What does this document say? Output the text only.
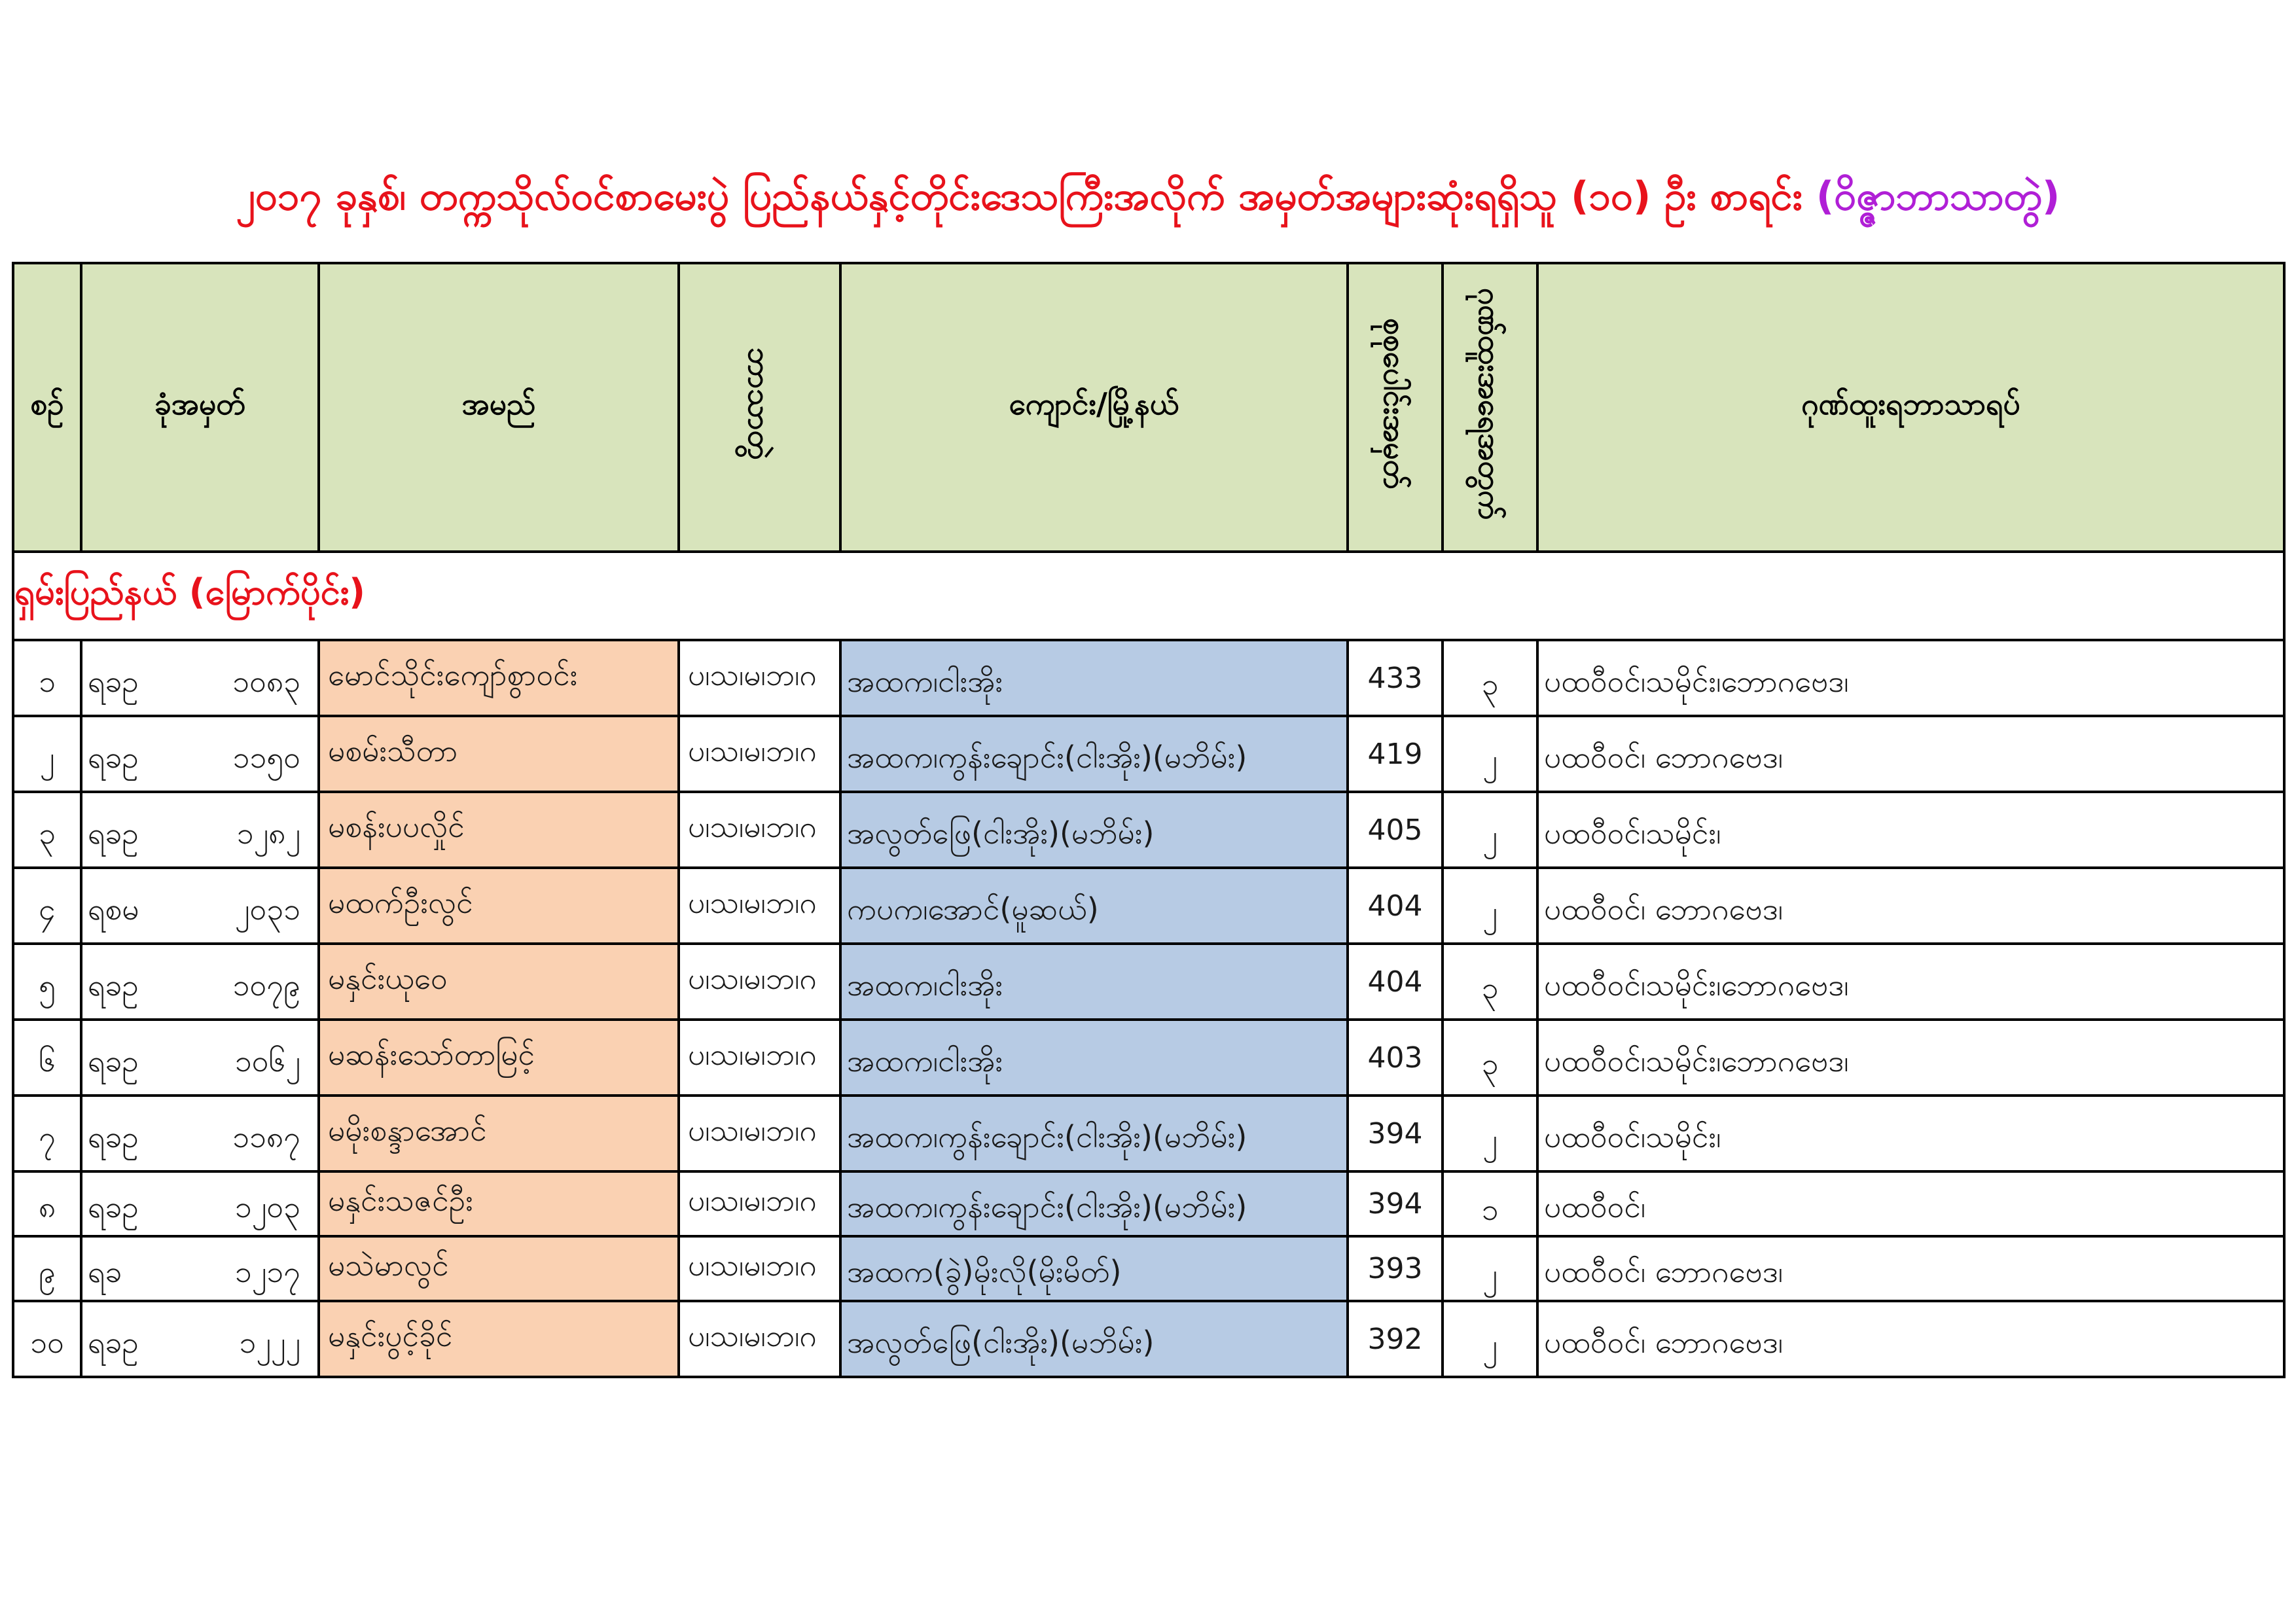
၂၀၁၇ ခုနှစ်၊ တက္ကသိုလ်ဝင်စာမေးပွဲ ပြည်နယ်နှင့်တိုင်းဒေသကြီးအလိုက် အမှတ်အများဆုံးရရှိသူ (၁၀) ဦး စာရင်း (ဝိဇ္ဇာဘာသာတွဲ)
စဉ်	ခုံအမှတ်	အမည်	ဘာသာတွဲ	ကျောင်း/မြို့နယ်	စုစုပေါင်းအမှတ်	ဂုဏ်ထူးအရေအတွက်	ဂုဏ်ထူးရဘာသာရပ်
ရှမ်းပြည်နယ် (မြောက်ပိုင်း)							
၁	ရခဥ ၁၀၈၃	မောင်သိုင်းကျော်စွာဝင်း	ပ၊သ၊မ၊ဘ၊ဂ	အထက၊ငါးအိုး	433	၃	ပထဝီဝင်၊သမိုင်း၊ဘောဂဗေဒ၊
၂	ရခဥ ၁၁၅၀	မစမ်းသီတာ	ပ၊သ၊မ၊ဘ၊ဂ	အထက၊ကွန်းချောင်း(ငါးအိုး)(မဘိမ်း)	419	၂	ပထဝီဝင်၊ ဘောဂဗေဒ၊
၃	ရခဥ ၁၂၈၂	မစန်းပပလှိုင်	ပ၊သ၊မ၊ဘ၊ဂ	အလွတ်ဖြေ(ငါးအိုး)(မဘိမ်း)	405	၂	ပထဝီဝင်၊သမိုင်း၊
၄	ရစမ ၂၀၃၁	မထက်ဦးလွင်	ပ၊သ၊မ၊ဘ၊ဂ	ကပက၊အောင်(မူဆယ်)	404	၂	ပထဝီဝင်၊ ဘောဂဗေဒ၊
၅	ရခဥ ၁၀၇၉	မနှင်းယုဝေ	ပ၊သ၊မ၊ဘ၊ဂ	အထက၊ငါးအိုး	404	၃	ပထဝီဝင်၊သမိုင်း၊ဘောဂဗေဒ၊
၆	ရခဥ ၁၀၆၂	မဆန်းသော်တာမြင့်	ပ၊သ၊မ၊ဘ၊ဂ	အထက၊ငါးအိုး	403	၃	ပထဝီဝင်၊သမိုင်း၊ဘောဂဗေဒ၊
၇	ရခဥ ၁၁၈၇	မမိုးစန္ဒာအောင်	ပ၊သ၊မ၊ဘ၊ဂ	အထက၊ကွန်းချောင်း(ငါးအိုး)(မဘိမ်း)	394	၂	ပထဝီဝင်၊သမိုင်း၊
၈	ရခဥ ၁၂၀၃	မနှင်းသဇင်ဦး	ပ၊သ၊မ၊ဘ၊ဂ	အထက၊ကွန်းချောင်း(ငါးအိုး)(မဘိမ်း)	394	၁	ပထဝီဝင်၊
၉	ရခ ၁၂၁၇	မသဲမာလွင်	ပ၊သ၊မ၊ဘ၊ဂ	အထက(ခွဲ)မိုးလို(မိုးမိတ်)	393	၂	ပထဝီဝင်၊ ဘောဂဗေဒ၊
၁၀	ရခဥ ၁၂၂၂	မနှင်းပွင့်ခိုင်	ပ၊သ၊မ၊ဘ၊ဂ	အလွတ်ဖြေ(ငါးအိုး)(မဘိမ်း)	392	၂	ပထဝီဝင်၊ ဘောဂဗေဒ၊
